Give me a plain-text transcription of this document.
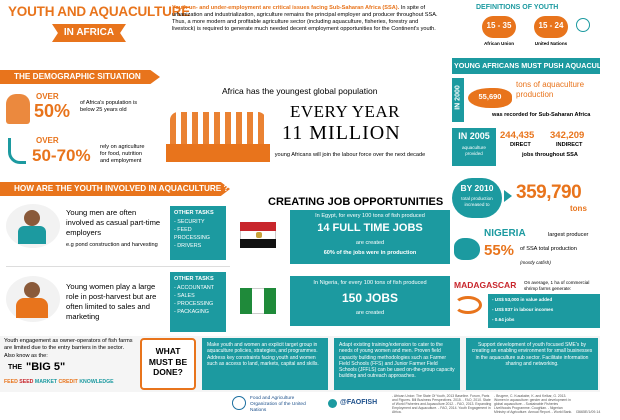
YOUTH AND AQUACULTURE
IN AFRICA
Youth un- and under-employment are critical issues facing Sub-Saharan Africa (SSA). In spite of urbanization and industrialization, agriculture remains the principal employer and producer throughout SSA. Thus, a more modern and profitable agriculture sector (including aquaculture, fisheries, forestry and livestock) is required to generate much needed decent employment opportunities for the Continent's youth.
DEFINITIONS OF YOUTH
15 - 35
African Union
15 - 24
United Nations
THE DEMOGRAPHIC SITUATION
OVER
50% of Africa's population is below 25 years old
OVER
50-70% rely on agriculture for food, nutrition and employment
Africa has the youngest global population
EVERY YEAR
11 MILLION
young Africans will join the labour force over the next decade
HOW ARE THE YOUTH INVOLVED IN AQUACULTURE ?
Young men are often involved as casual part-time employers
e.g pond construction and harvesting
OTHER TASKS
- SECURITY
- FEED PROCESSING
- DRIVERS
Young women play a large role in post-harvest but are often limited to sales and marketing
OTHER TASKS
- ACCOUNTANT
- SALES
- PROCESSING
- PACKAGING
CREATING JOB OPPORTUNITIES
In Egypt, for every 100 tons of fish produced
14 FULL TIME JOBS
are created
60% of the jobs were in production
In Nigeria, for every 100 tons of fish produced
150 JOBS
are created
YOUNG AFRICANS MUST PUSH AQUACULTURE
IN 2000	55,690
tons of aquaculture production
was recorded for Sub-Saharan Africa
IN 2005
aquaculture provided
244,435
DIRECT
342,209
INDIRECT
jobs throughout SSA
BY 2010
total production increased to
359,790
tons
NIGERIA	largest producer
55% of SSA total production
(mostly catfish)
MADAGASCAR On average, 1 ha of commercial shrimp farms generate:
- US$ 53,000 in value added
- US$ 837 in labour incomes
- 0.64 jobs
Youth engagement as owner-operators of fish farms are limited due to the entry barriers in the sector. Also know as the:
THE "BIG 5"
FEED SEED MARKET CREDIT KNOWLEDGE
WHAT MUST BE DONE?
Make youth and women an explicit target group in aquaculture policies, strategies, and programmes. Address key constraints facing youth and women such as access to land, markets, capital and skills.
Adapt existing training/extension to cater to the needs of young women and men. Proven field capacity building methodologies such as Farmer Field Schools (FFS) and Junior Farmer Field Schools (JFFLS) can be used on-the-group capacity building and outreach approaches.
Support development of youth focused SME's by creating an enabling environment for small businesses in the aquaculture sub sector. Facilitate information sharing and networking.
Food and Agriculture Organization of the United Nations
@FAOFISH
- African Union: The State Of Youth, 2013 Baseline. Forum, Paris and Figures. Bill Business Perspectives. 2015. - FAO, 2010. State of World Fisheries and Aquaculture 2012. - FAO, 2013. Expanding Employment and Aquaculture. - FAO, 2014. Youth Engagement in Africa.
- Brugere, C. Kusakabe, K. and Kelkar, G. 2013. Women in aquaculture: gender and development in global aquaculture. - Sustainable Fisheries Livelihoods Programme. Coughlan. - Nigerian Ministry of Agriculture. Annual Report. - World Bank.	I3665E/1/09.14
